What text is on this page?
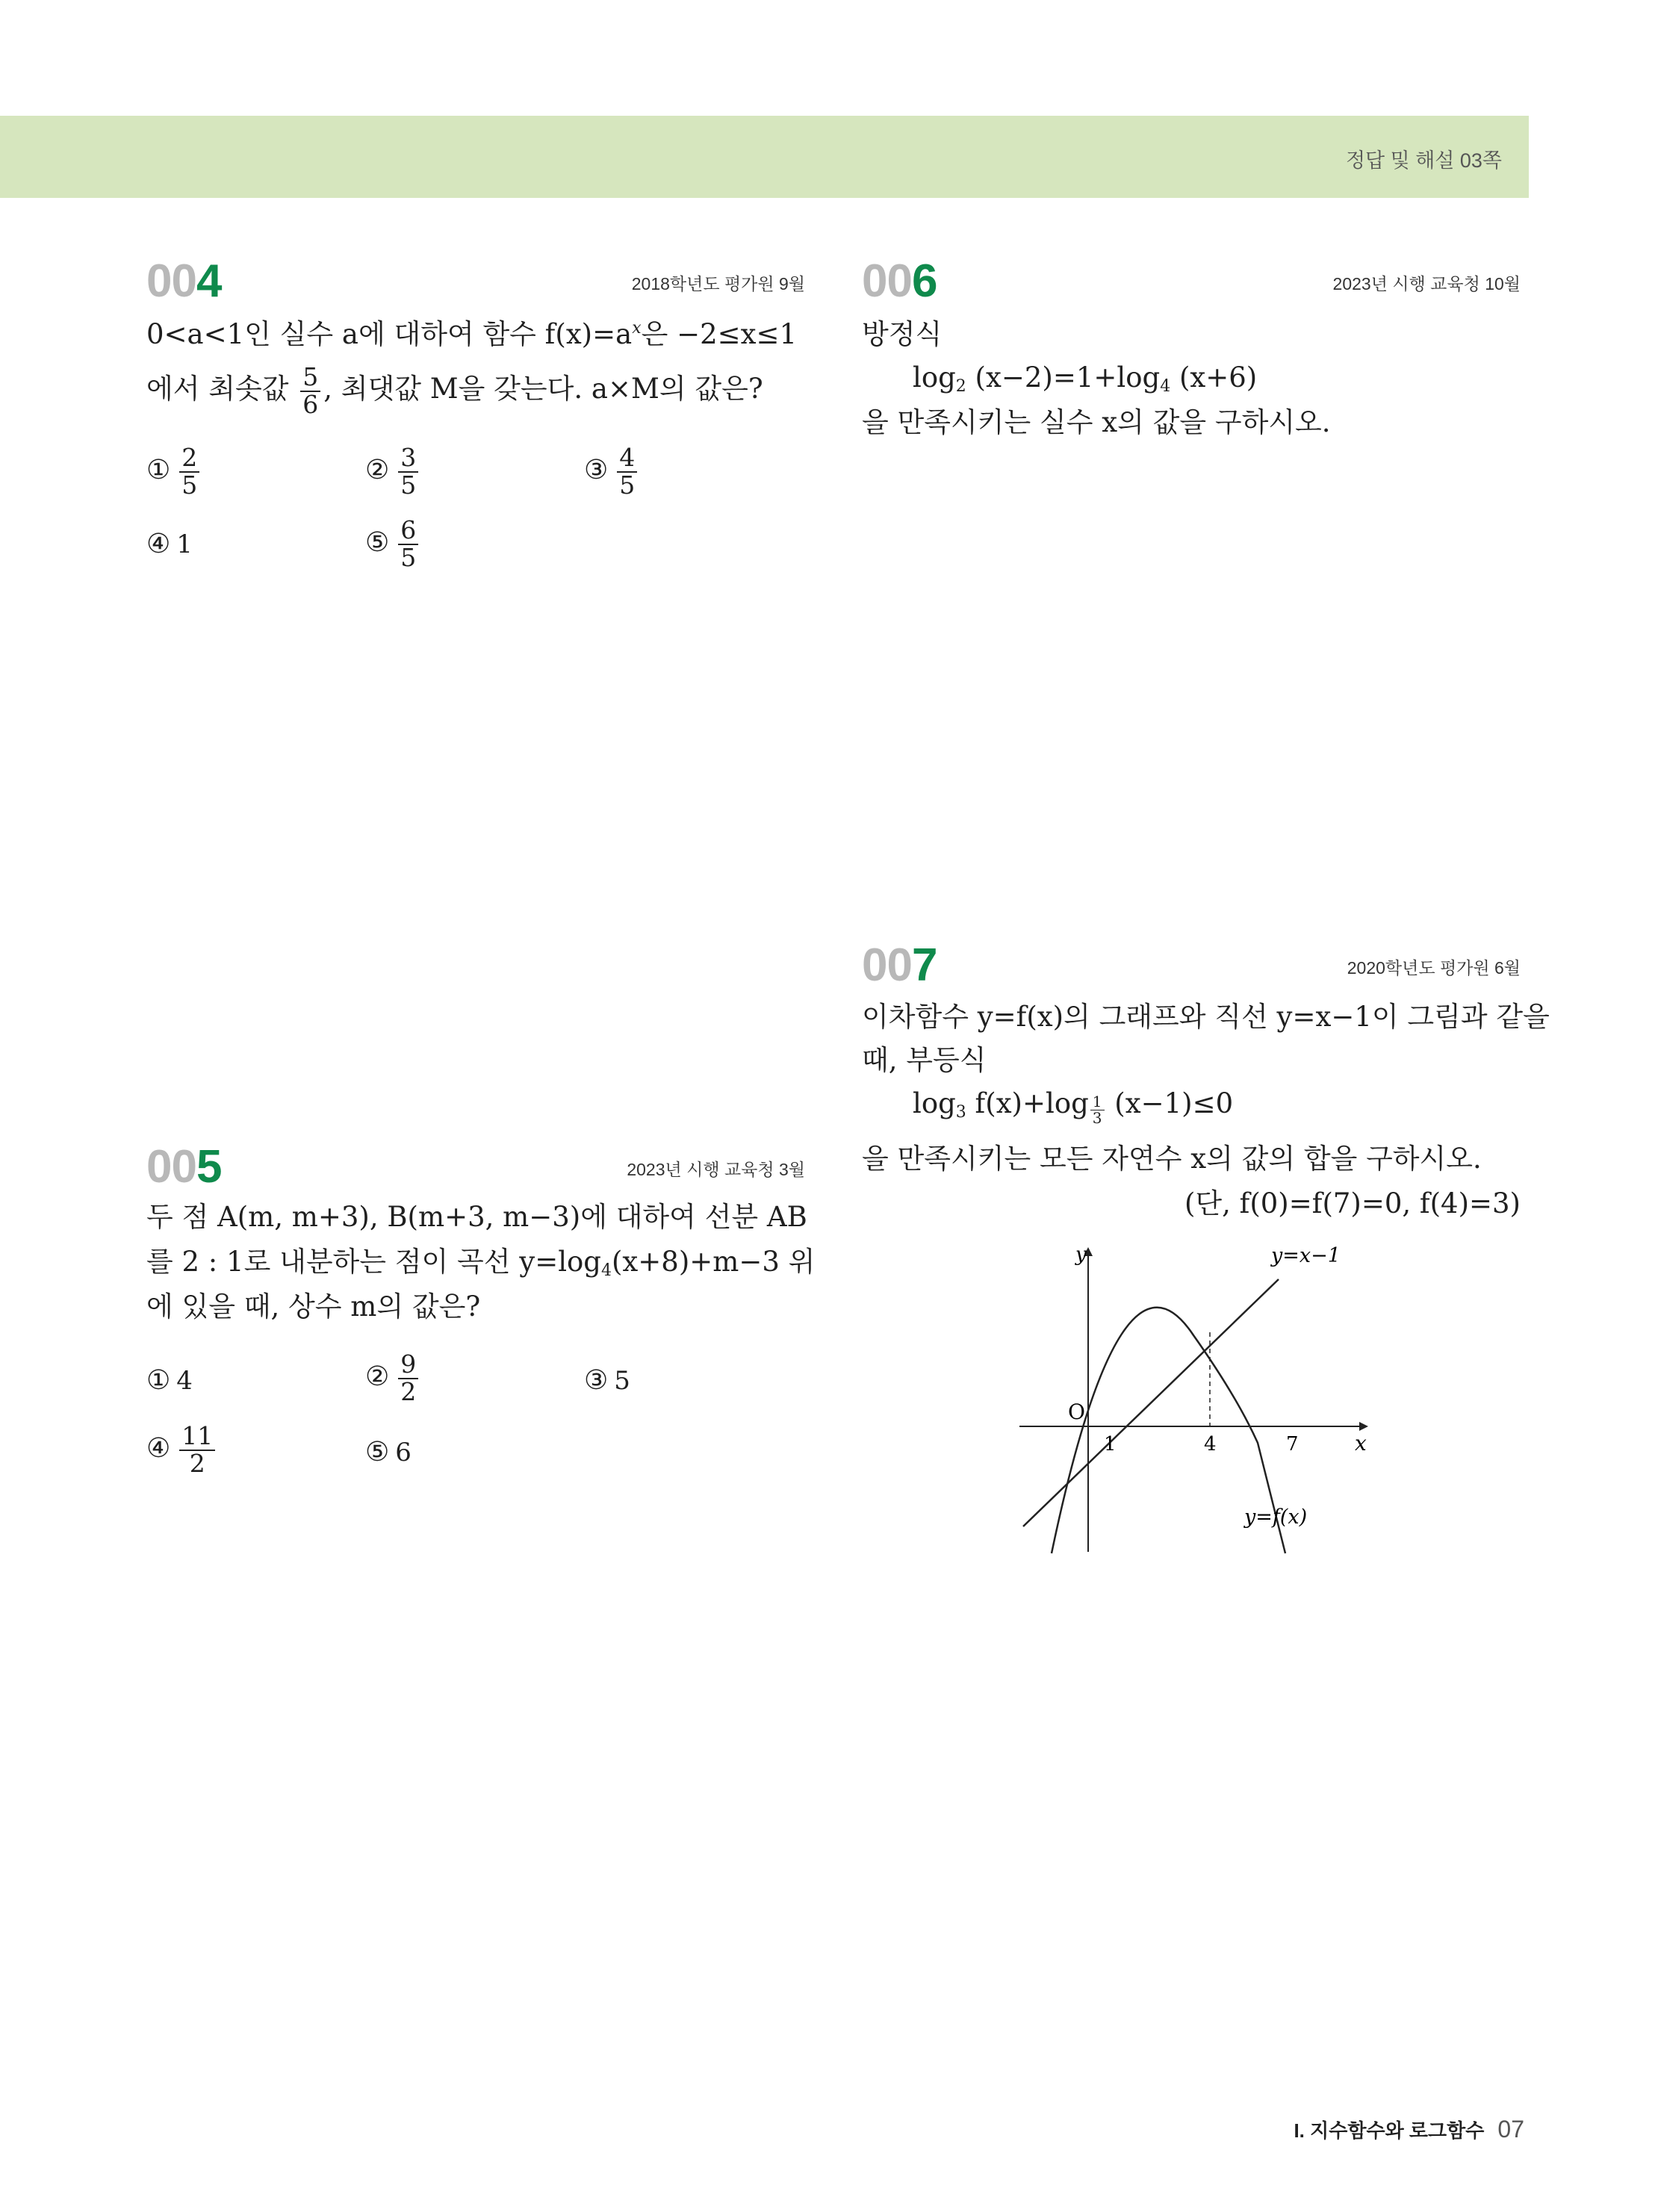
정답 및 해설 03쪽
004	2018학년도 평가원 9월
0<a<1인 실수 a에 대하여 함수 $f(x)=a^x$은 −2≤x≤1
에서 최솟값 $\frac{5}{6}$ , 최댓값 M을 갖는다. a×M의 값은?
① $\frac{2}{5}$	② $\frac{3}{5}$	③ $\frac{4}{5}$
④ 1	⑤ $\frac{6}{5}$
005	2023년 시행 교육청 3월
두 점 A(m, m+3), B(m+3, m−3)에 대하여 선분 AB
를 2 : 1로 내분하는 점이 곡선 $y=\log_4(x+8)+m-3$ 위
에 있을 때, 상수 m의 값은?
① 4	② $\frac{9}{2}$	③ 5
④ $\frac{11}{2}$	⑤ 6
006	2023년 시행 교육청 10월
방정식
$\log_2 (x-2)=1+\log_4$ (x+6)
을 만족시키는 실수 x의 값을 구하시오.
007	2020학년도 평가원 6월
이차함수 y=f(x)의 그래프와 직선 y=x−1이 그림과 같을
때, 부등식
$\log_3 f(x)+\log \frac{1}{3} (x-1)\le 0$
을 만족시키는 모든 자연수 x의 값의 합을 구하시오.
(단, f(0)=f(7)=0, f(4)=3)
y
x
O
1	4	7
y=x−1
y=f(x)
I. 지수함수와 로그함수 07
